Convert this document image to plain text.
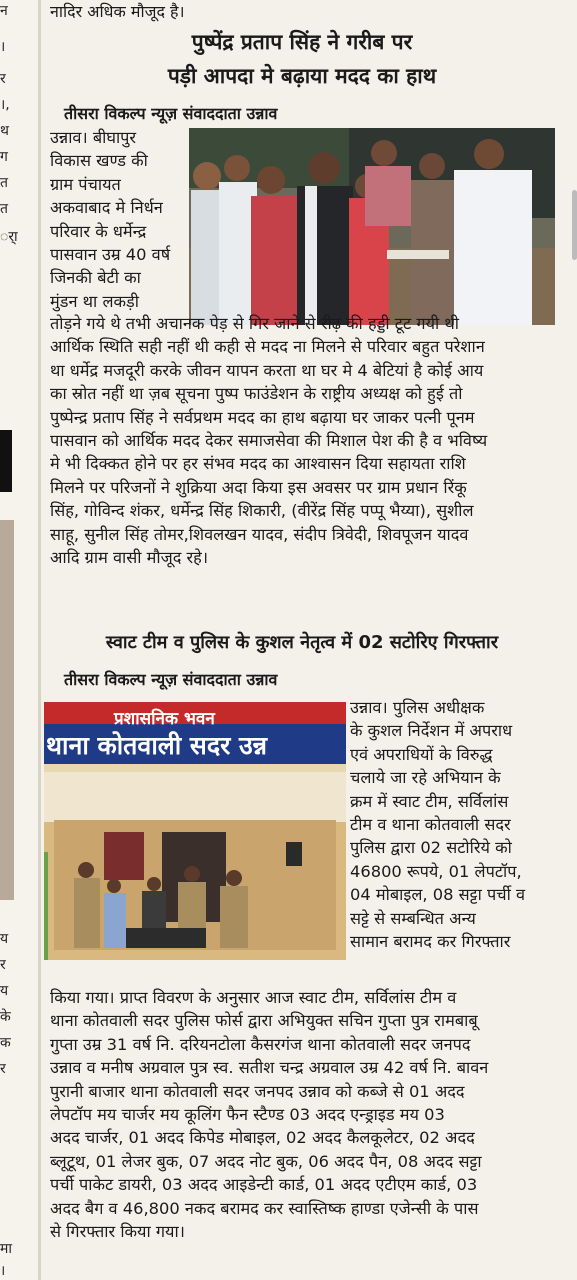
न
।
र
।,
थ
ग
त
त
र्ा
य
र
य
के
क
र
मा
।
नादिर अधिक मौजूद है।
पुष्पेंद्र प्रताप सिंह ने गरीब पर
पड़ी आपदा मे बढ़ाया मदद का हाथ
तीसरा विकल्प न्यूज़ संवाददाता उन्नाव
उन्नाव। बीघापुर
विकास खण्ड की
ग्राम पंचायत
अकवाबाद मे निर्धन
परिवार के धर्मेन्द्र
पासवान उम्र 40 वर्ष
जिनकी बेटी का
मुंडन था लकड़ी
तोड़ने गये थे तभी अचानक पेड़ से गिर जाने से रीढ़ की हड्डी टूट गयी थी
आर्थिक स्थिति सही नहीं थी कही से मदद ना मिलने से परिवार बहुत परेशान
था धर्मेद्र मजदूरी करके जीवन यापन करता था घर मे 4 बेटियां है कोई आय
का स्रोत नहीं था ज़ब सूचना पुष्प फाउंडेशन के राष्ट्रीय अध्यक्ष को हुई तो
पुष्पेन्द्र प्रताप सिंह ने सर्वप्रथम मदद का हाथ बढ़ाया घर जाकर पत्नी पूनम
पासवान को आर्थिक मदद देकर समाजसेवा की मिशाल पेश की है व भविष्य
मे भी दिक्कत होने पर हर संभव मदद का आश्वासन दिया सहायता राशि
मिलने पर परिजनों ने शुक्रिया अदा किया इस अवसर पर ग्राम प्रधान रिंकू
सिंह, गोविन्द शंकर, धर्मेन्द्र सिंह शिकारी, (वीरेंद्र सिंह पप्पू भैय्या), सुशील
साहू, सुनील सिंह तोमर,शिवलखन यादव, संदीप त्रिवेदी, शिवपूजन यादव
आदि ग्राम वासी मौजूद रहे।
स्वाट टीम व पुलिस के कुशल नेतृत्व में 02 सटोरिए गिरफ्तार
तीसरा विकल्प न्यूज़ संवाददाता उन्नाव
प्रशासनिक भवन
थाना कोतवाली सदर उन्न
उन्नाव। पुलिस अधीक्षक
के कुशल निर्देशन में अपराध
एवं अपराधियों के विरुद्ध
चलाये जा रहे अभियान के
क्रम में स्वाट टीम, सर्विलांस
टीम व थाना कोतवाली सदर
पुलिस द्वारा 02 सटोरिये को
46800 रूपये, 01 लेपटॉप,
04 मोबाइल, 08 सट्टा पर्ची व
सट्टे से सम्बन्धित अन्य
सामान बरामद कर गिरफ्तार
किया गया। प्राप्त विवरण के अनुसार आज स्वाट टीम, सर्विलांस टीम व
थाना कोतवाली सदर पुलिस फोर्स द्वारा अभियुक्त सचिन गुप्ता पुत्र रामबाबू
गुप्ता उम्र 31 वर्ष नि. दरियनटोला कैसरगंज थाना कोतवाली सदर जनपद
उन्नाव व मनीष अग्रवाल पुत्र स्व. सतीश चन्द्र अग्रवाल उम्र 42 वर्ष नि. बावन
पुरानी बाजार थाना कोतवाली सदर जनपद उन्नाव को कब्जे से 01 अदद
लेपटॉप मय चार्जर मय कूलिंग फैन स्टैण्ड 03 अदद एन्ड्राइड मय 03
अदद चार्जर, 01 अदद किपेड मोबाइल, 02 अदद कैलकूलेटर, 02 अदद
ब्लूटूथ, 01 लेजर बुक, 07 अदद नोट बुक, 06 अदद पैन, 08 अदद सट्टा
पर्ची पाकेट डायरी, 03 अदद आइडेन्टी कार्ड, 01 अदद एटीएम कार्ड, 03
अदद बैग व 46,800 नकद बरामद कर स्वास्तिष्क हाण्डा एजेन्सी के पास
से गिरफ्तार किया गया।
